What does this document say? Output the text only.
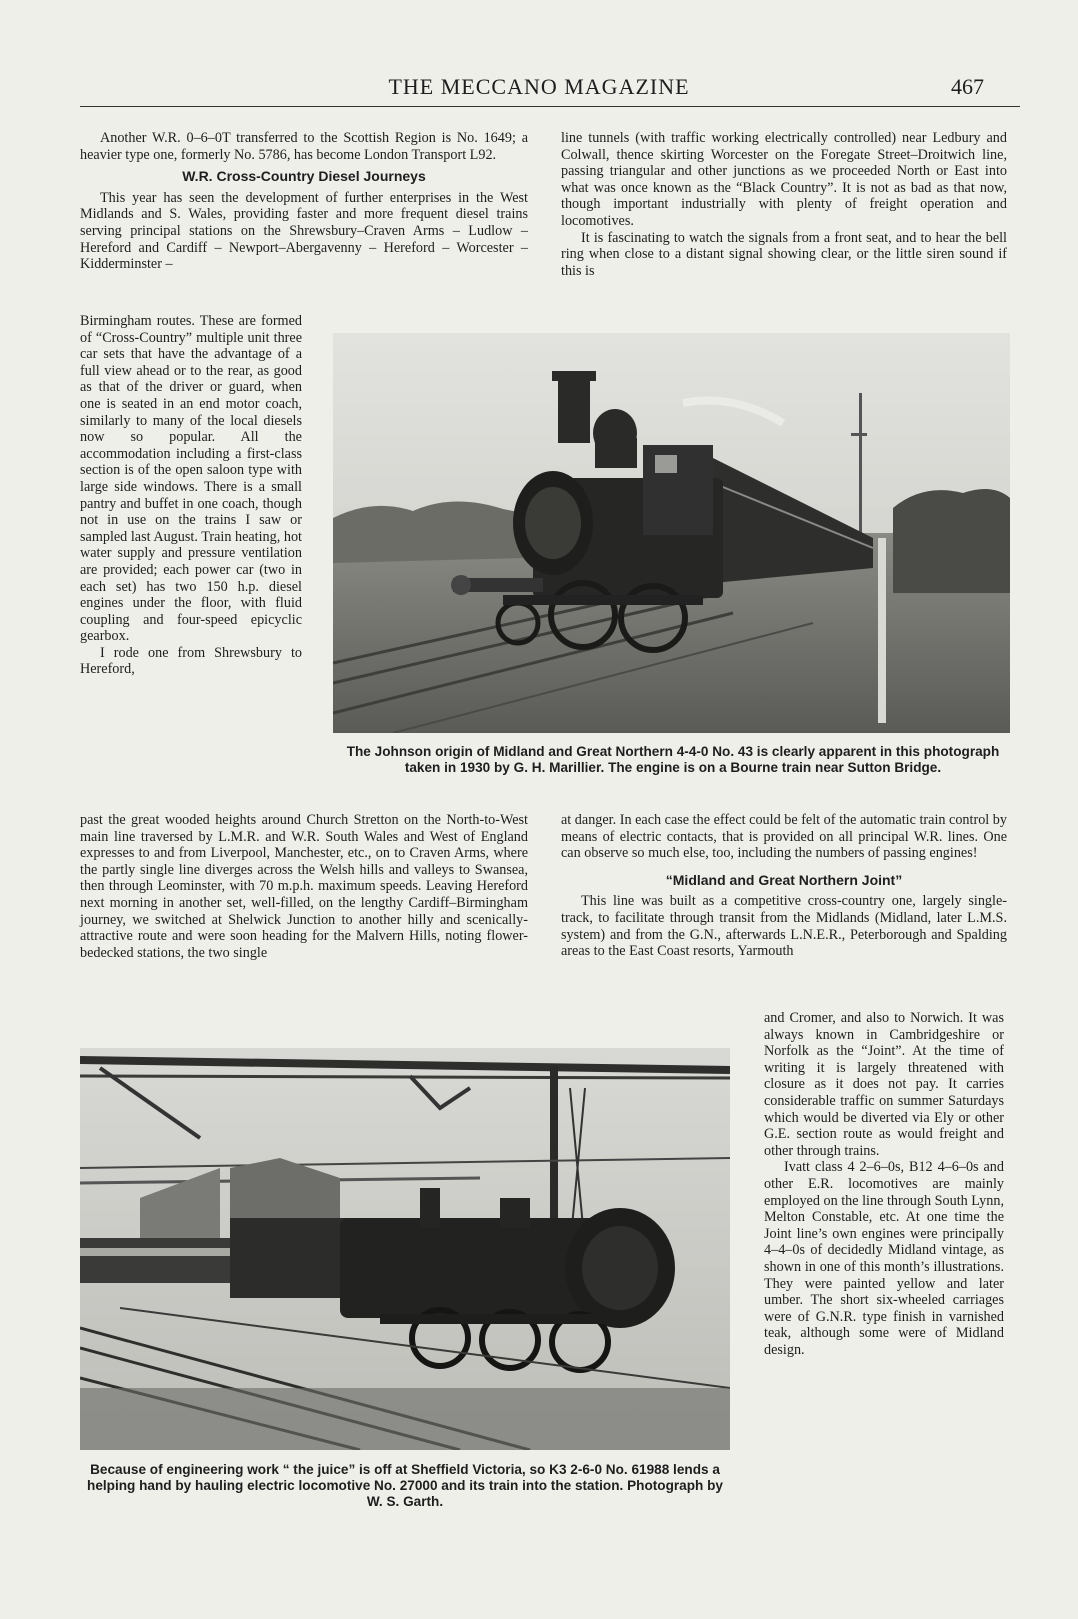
THE MECCANO MAGAZINE	467

Another W.R. 0–6–0T transferred to the Scottish Region is No. 1649; a heavier type one, formerly No. 5786, has become London Transport L92.

W.R. Cross-Country Diesel Journeys

This year has seen the development of further enterprises in the West Midlands and S. Wales, providing faster and more frequent diesel trains serving principal stations on the Shrewsbury–Craven Arms – Ludlow – Hereford and Cardiff – Newport–Abergavenny – Hereford – Worcester – Kidderminster –

Birmingham routes. These are formed of “Cross-Country” multiple unit three car sets that have the advantage of a full view ahead or to the rear, as good as that of the driver or guard, when one is seated in an end motor coach, similarly to many of the local diesels now so popular. All the accommodation including a first-class section is of the open saloon type with large side windows. There is a small pantry and buffet in one coach, though not in use on the trains I saw or sampled last August. Train heating, hot water supply and pressure ventilation are provided; each power car (two in each set) has two 150 h.p. diesel engines under the floor, with fluid coupling and four-speed epicyclic gearbox.

I rode one from Shrewsbury to Hereford,

past the great wooded heights around Church Stretton on the North-to-West main line traversed by L.M.R. and W.R. South Wales and West of England expresses to and from Liverpool, Manchester, etc., on to Craven Arms, where the partly single line diverges across the Welsh hills and valleys to Swansea, then through Leominster, with 70 m.p.h. maximum speeds. Leaving Hereford next morning in another set, well-filled, on the lengthy Cardiff–Birmingham journey, we switched at Shelwick Junction to another hilly and scenically-attractive route and were soon heading for the Malvern Hills, noting flower-bedecked stations, the two single

line tunnels (with traffic working electrically controlled) near Ledbury and Colwall, thence skirting Worcester on the Foregate Street–Droitwich line, passing triangular and other junctions as we proceeded North or East into what was once known as the “Black Country”. It is not as bad as that now, though important industrially with plenty of freight operation and locomotives.

It is fascinating to watch the signals from a front seat, and to hear the bell ring when close to a distant signal showing clear, or the little siren sound if this is

The Johnson origin of Midland and Great Northern 4-4-0 No. 43 is clearly apparent in this photograph taken in 1930 by G. H. Marillier. The engine is on a Bourne train near Sutton Bridge.

at danger. In each case the effect could be felt of the automatic train control by means of electric contacts, that is provided on all principal W.R. lines. One can observe so much else, too, including the numbers of passing engines!

“Midland and Great Northern Joint”

This line was built as a competitive cross-country one, largely single-track, to facilitate through transit from the Midlands (Midland, later L.M.S. system) and from the G.N., afterwards L.N.E.R., Peterborough and Spalding areas to the East Coast resorts, Yarmouth

and Cromer, and also to Norwich. It was always known in Cambridgeshire or Norfolk as the “Joint”. At the time of writing it is largely threatened with closure as it does not pay. It carries considerable traffic on summer Saturdays which would be diverted via Ely or other G.E. section route as would freight and other through trains.

Ivatt class 4 2–6–0s, B12 4–6–0s and other E.R. locomotives are mainly employed on the line through South Lynn, Melton Constable, etc. At one time the Joint line’s own engines were principally 4–4–0s of decidedly Midland vintage, as shown in one of this month’s illustrations. They were painted yellow and later umber. The short six-wheeled carriages were of G.N.R. type finish in varnished teak, although some were of Midland design.

Because of engineering work “ the juice” is off at Sheffield Victoria, so K3 2-6-0 No. 61988 lends a helping hand by hauling electric locomotive No. 27000 and its train into the station. Photograph by W. S. Garth.
